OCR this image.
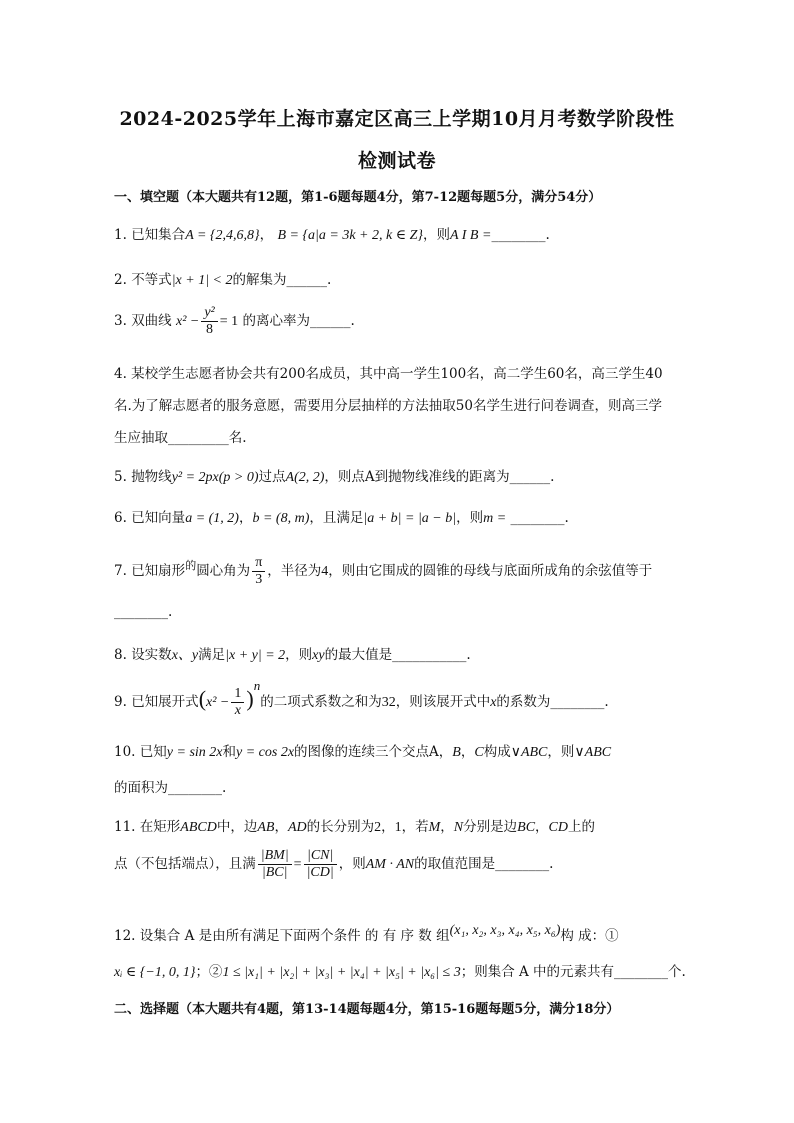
2024-2025学年上海市嘉定区高三上学期10月月考数学阶段性
检测试卷
一、填空题（本大题共有12题，第1-6题每题4分，第7-12题每题5分，满分54分）
1. 已知集合A = {2,4,6,8}， B = {a|a = 3k + 2, k ∈ Z}，则A I B =________.
2. 不等式|x + 1| < 2的解集为______.
3. 双曲线 $x^2 - \frac{\text{y²}}{8} = 1$ 的离心率为______.
4. 某校学生志愿者协会共有200名成员，其中高一学生100名，高二学生60名，高三学生40
名.为了解志愿者的服务意愿，需要用分层抽样的方法抽取50名学生进行问卷调查，则高三学
生应抽取_________名.
5. 抛物线y² = 2px(p > 0)过点A(2, 2)，则点A到抛物线准线的距离为______.
6. 已知向量a = (1, 2)，b = (8, m)，且满足|a + b| = |a − b|，则m = ________.
7. 已知扇形$^的$圆心角为 $\frac{\pi}{3}$ ，半径为4，则由它围成的圆锥的母线与底面所成角的余弦值等于
________.
8. 设实数x、y满足|x + y| = 2，则xy的最大值是___________.
9. 已知展开式$(x^2 - \frac{1}{x} )n$的二项式系数之和为32，则该展开式中x的系数为________.
10. 已知y = sin 2x和y = cos 2x的图像的连续三个交点A，B，C构成∨ABC，则∨ABC
的面积为________.
11. 在矩形ABCD中，边AB，AD的长分别为2，1，若M，N分别是边BC，CD上的
点（不包括端点），且满 $\frac{|BM|}{|BC|} = \frac{|CN|}{|CD|}$ ，则AM · AN的取值范围是________.
12. 设集合 A 是由所有满足下面两个条件 的 有 序 数 组(x₁, x₂, x₃, x₄, x₅, x₆)构 成：①
xᵢ ∈ {−1, 0, 1}；②1 ≤ |x₁| + |x₂| + |x₃| + |x₄| + |x₅| + |x₆| ≤ 3；则集合 A 中的元素共有________个.
二、选择题（本大题共有4题，第13-14题每题4分，第15-16题每题5分，满分18分）
